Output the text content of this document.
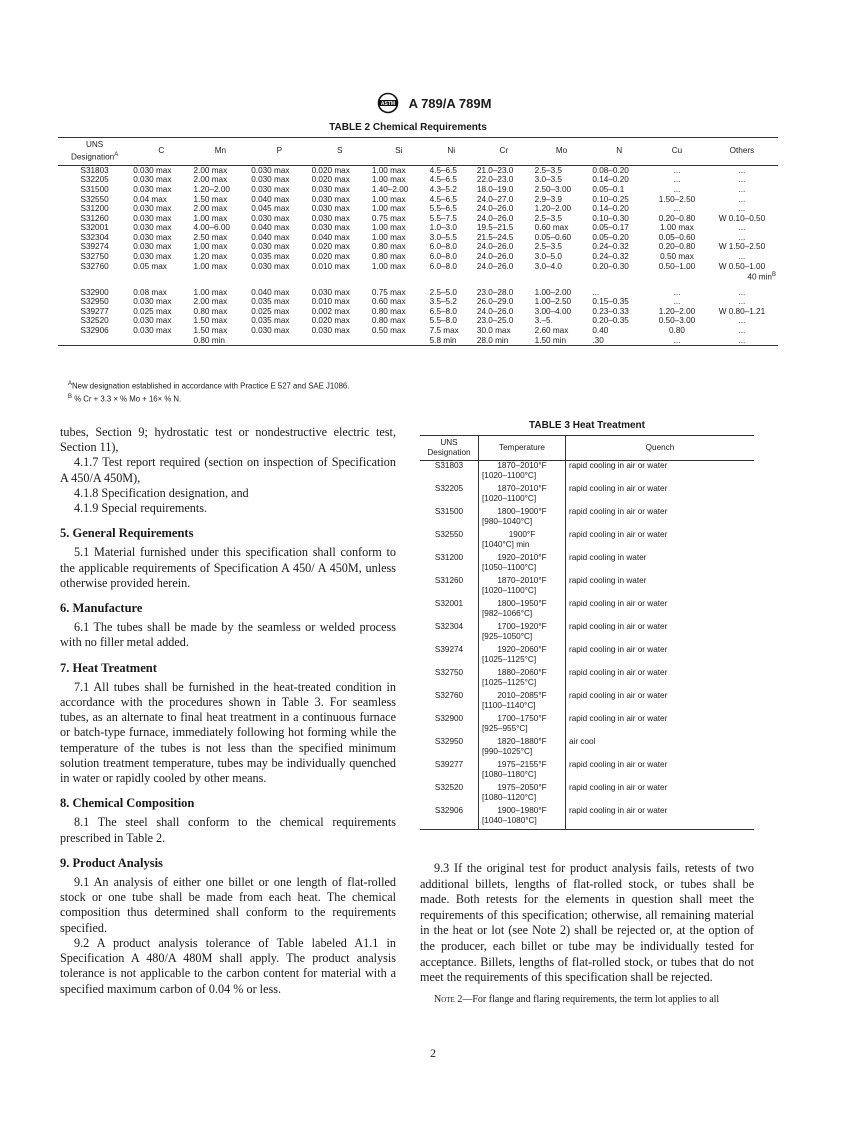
ASTM A 789/A 789M
TABLE 2 Chemical Requirements
UNS
Designation$^A$	C	Mn	P	S	Si	Ni	Cr	Mo	N	Cu	Others
S31803	0.030 max	2.00 max	0.030 max	0.020 max	1.00 max	4.5–6.5	21.0–23.0	2.5–3.5	0.08–0.20	...	...
S32205	0.030 max	2.00 max	0.030 max	0.020 max	1.00 max	4.5–6.5	22.0–23.0	3.0–3.5	0.14–0.20	...	...
S31500	0.030 max	1.20–2.00	0.030 max	0.030 max	1.40–2.00	4.3–5.2	18.0–19.0	2.50–3.00	0.05–0.1	...	...
S32550	0.04 max	1.50 max	0.040 max	0.030 max	1.00 max	4.5–6.5	24.0–27.0	2.9–3.9	0.10–0.25	1.50–2.50	...
S31200	0.030 max	2.00 max	0.045 max	0.030 max	1.00 max	5.5–6.5	24.0–26.0	1.20–2.00	0.14–0.20	...	...
S31260	0.030 max	1.00 max	0.030 max	0.030 max	0.75 max	5.5–7.5	24.0–26.0	2.5–3.5	0.10–0.30	0.20–0.80	W 0.10–0.50
S32001	0.030 max	4.00–6.00	0.040 max	0.030 max	1.00 max	1.0–3.0	19.5–21.5	0.60 max	0.05–0.17	1.00 max	...
S32304	0.030 max	2.50 max	0.040 max	0.040 max	1.00 max	3.0–5.5	21.5–24.5	0.05–0.60	0.05–0.20	0.05–0.60	...
S39274	0.030 max	1.00 max	0.030 max	0.020 max	0.80 max	6.0–8.0	24.0–26.0	2.5–3.5	0.24–0.32	0.20–0.80	W 1.50–2.50
S32750	0.030 max	1.20 max	0.035 max	0.020 max	0.80 max	6.0–8.0	24.0–26.0	3.0–5.0	0.24–0.32	0.50 max	...
S32760	0.05 max	1.00 max	0.030 max	0.010 max	1.00 max	6.0–8.0	24.0–26.0	3.0–4.0	0.20–0.30	0.50–1.00	W 0.50–1.00
											40 $\min^B$
S32900	0.08 max	1.00 max	0.040 max	0.030 max	0.75 max	2.5–5.0	23.0–28.0	1.00–2.00	...	...	...
S32950	0.030 max	2.00 max	0.035 max	0.010 max	0.60 max	3.5–5.2	26.0–29.0	1.00–2.50	0.15–0.35	...	...
S39277	0.025 max	0.80 max	0.025 max	0.002 max	0.80 max	6.5–8.0	24.0–26.0	3.00–4.00	0.23–0.33	1.20–2.00	W 0.80–1.21
S32520	0.030 max	1.50 max	0.035 max	0.020 max	0.80 max	5.5–8.0	23.0–25.0	3.–5.	0.20–0.35	0.50–3.00	...
S32906	0.030 max	1.50 max	0.030 max	0.030 max	0.50 max	7.5 max	30.0 max	2.60 max	0.40	0.80	...
		0.80 min				5.8 min	28.0 min	1.50 min	.30	...	...
$^A$New designation established in accordance with Practice E 527 and SAE J1086.
$^B$ % Cr + 3.3 × % Mo + 16× % N.

tubes, Section 9; hydrostatic test or nondestructive electric test, Section 11),

4.1.7 Test report required (section on inspection of Specification A 450/A 450M),

4.1.8 Specification designation, and

4.1.9 Special requirements.

5. General Requirements

5.1 Material furnished under this specification shall conform to the applicable requirements of Specification A 450/ A 450M, unless otherwise provided herein.

6. Manufacture

6.1 The tubes shall be made by the seamless or welded process with no filler metal added.

7. Heat Treatment

7.1 All tubes shall be furnished in the heat-treated condition in accordance with the procedures shown in Table 3. For seamless tubes, as an alternate to final heat treatment in a continuous furnace or batch-type furnace, immediately following hot forming while the temperature of the tubes is not less than the specified minimum solution treatment temperature, tubes may be individually quenched in water or rapidly cooled by other means.

8. Chemical Composition

8.1 The steel shall conform to the chemical requirements prescribed in Table 2.

9. Product Analysis

9.1 An analysis of either one billet or one length of flat-rolled stock or one tube shall be made from each heat. The chemical composition thus determined shall conform to the requirements specified.

9.2 A product analysis tolerance of Table labeled A1.1 in Specification A 480/A 480M shall apply. The product analysis tolerance is not applicable to the carbon content for material with a specified maximum carbon of 0.04 % or less.

TABLE 3 Heat Treatment
UNS
Designation	Temperature	Quench
S31803	1870–2010°F
[1020–1100°C]	rapid cooling in air or water
S32205	1870–2010°F
[1020–1100°C]	rapid cooling in air or water
S31500	1800–1900°F
[980–1040°C]	rapid cooling in air or water
S32550	1900°F
[1040°C] min	rapid cooling in air or water
S31200	1920–2010°F
[1050–1100°C]	rapid cooling in water
S31260	1870–2010°F
[1020–1100°C]	rapid cooling in water
S32001	1800–1950°F
[982–1066°C]	rapid cooling in air or water
S32304	1700–1920°F
[925–1050°C]	rapid cooling in air or water
S39274	1920–2060°F
[1025–1125°C]	rapid cooling in air or water
S32750	1880–2060°F
[1025–1125°C]	rapid cooling in air or water
S32760	2010–2085°F
[1100–1140°C]	rapid cooling in air or water
S32900	1700–1750°F
[925–955°C]	rapid cooling in air or water
S32950	1820–1880°F
[990–1025°C]	air cool
S39277	1975–2155°F
[1080–1180°C]	rapid cooling in air or water
S32520	1975–2050°F
[1080–1120°C]	rapid cooling in air or water
S32906	1900–1980°F
[1040–1080°C]	rapid cooling in air or water

9.3 If the original test for product analysis fails, retests of two additional billets, lengths of flat-rolled stock, or tubes shall be made. Both retests for the elements in question shall meet the requirements of this specification; otherwise, all remaining material in the heat or lot (see Note 2) shall be rejected or, at the option of the producer, each billet or tube may be individually tested for acceptance. Billets, lengths of flat-rolled stock, or tubes that do not meet the requirements of this specification shall be rejected.

Note 2—For flange and flaring requirements, the term lot applies to all

2
